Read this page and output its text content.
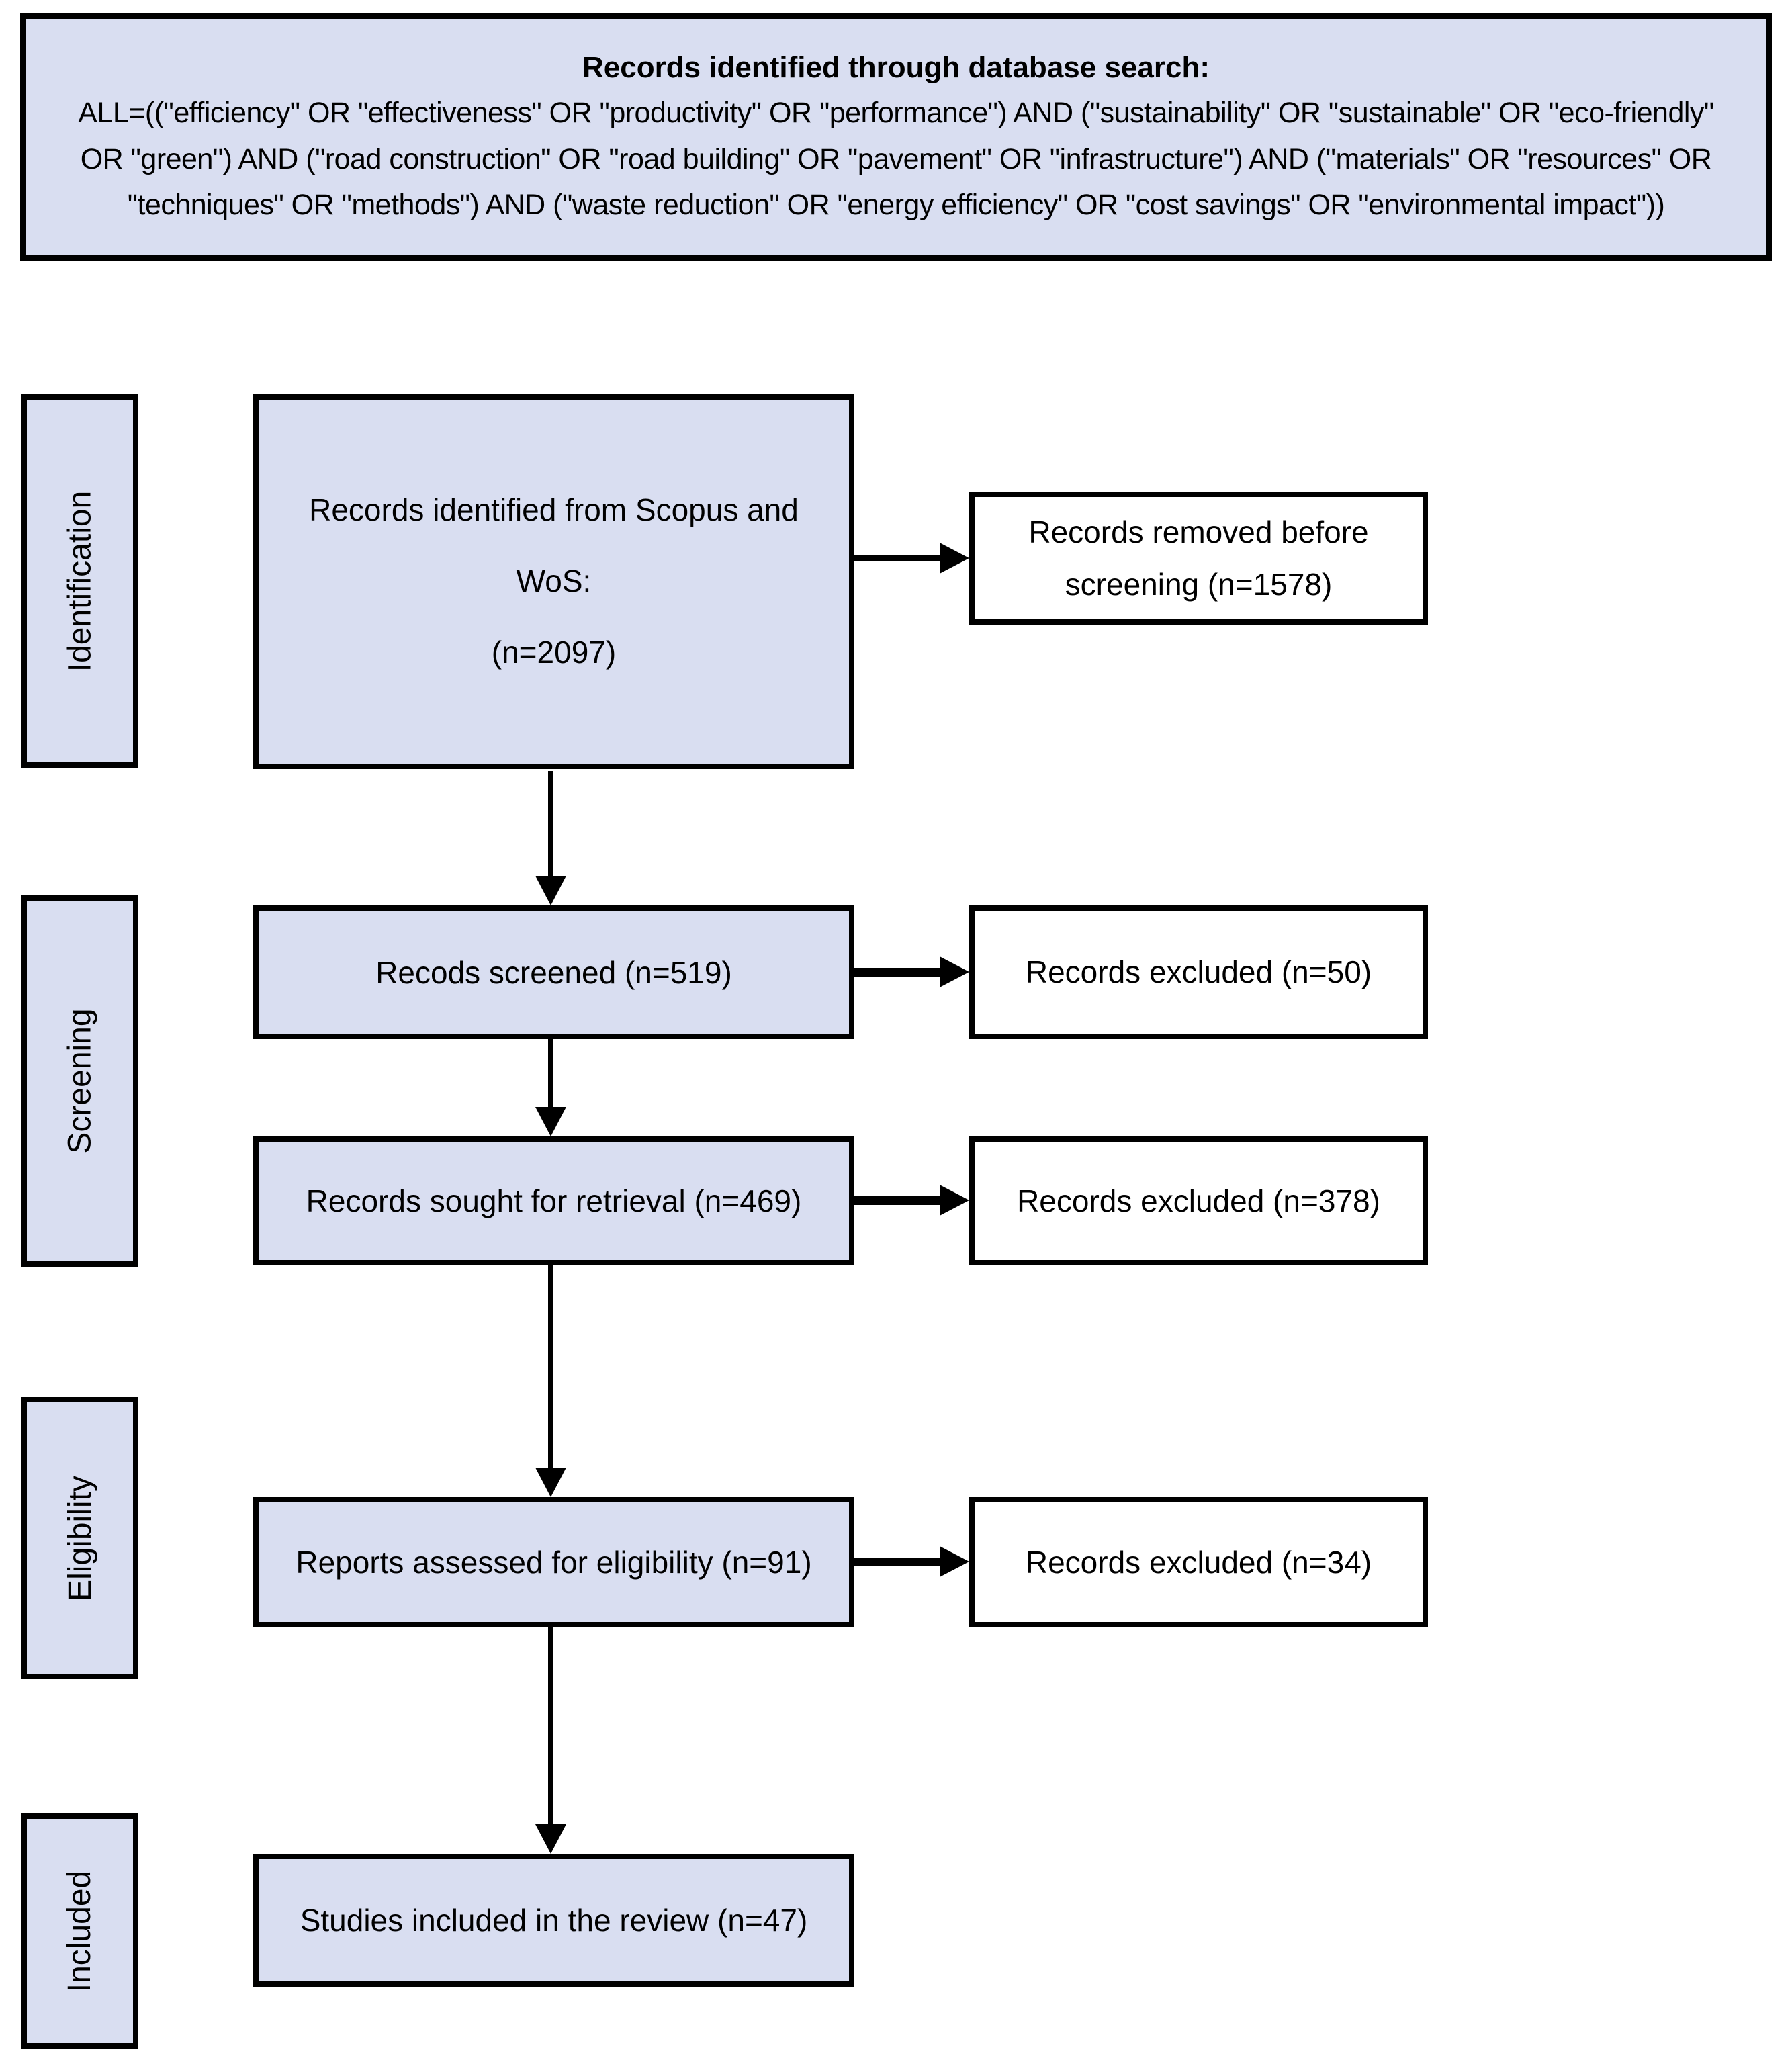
Records identified through database search:
ALL=(("efficiency" OR "effectiveness" OR "productivity" OR "performance") AND ("sustainability" OR "sustainable" OR "eco-friendly" OR "green") AND ("road construction" OR "road building" OR "pavement" OR "infrastructure") AND ("materials" OR "resources" OR "techniques" OR "methods") AND ("waste reduction" OR "energy efficiency" OR "cost savings" OR "environmental impact"))
Identification
Screening
Eligibility
Included
Records identified from Scopus and WoS:
(n=2097)
Recods screened (n=519)
Records sought for retrieval (n=469)
Reports assessed for eligibility (n=91)
Studies included in the review (n=47)
Records removed before screening (n=1578)
Records excluded (n=50)
Records excluded (n=378)
Records excluded (n=34)
